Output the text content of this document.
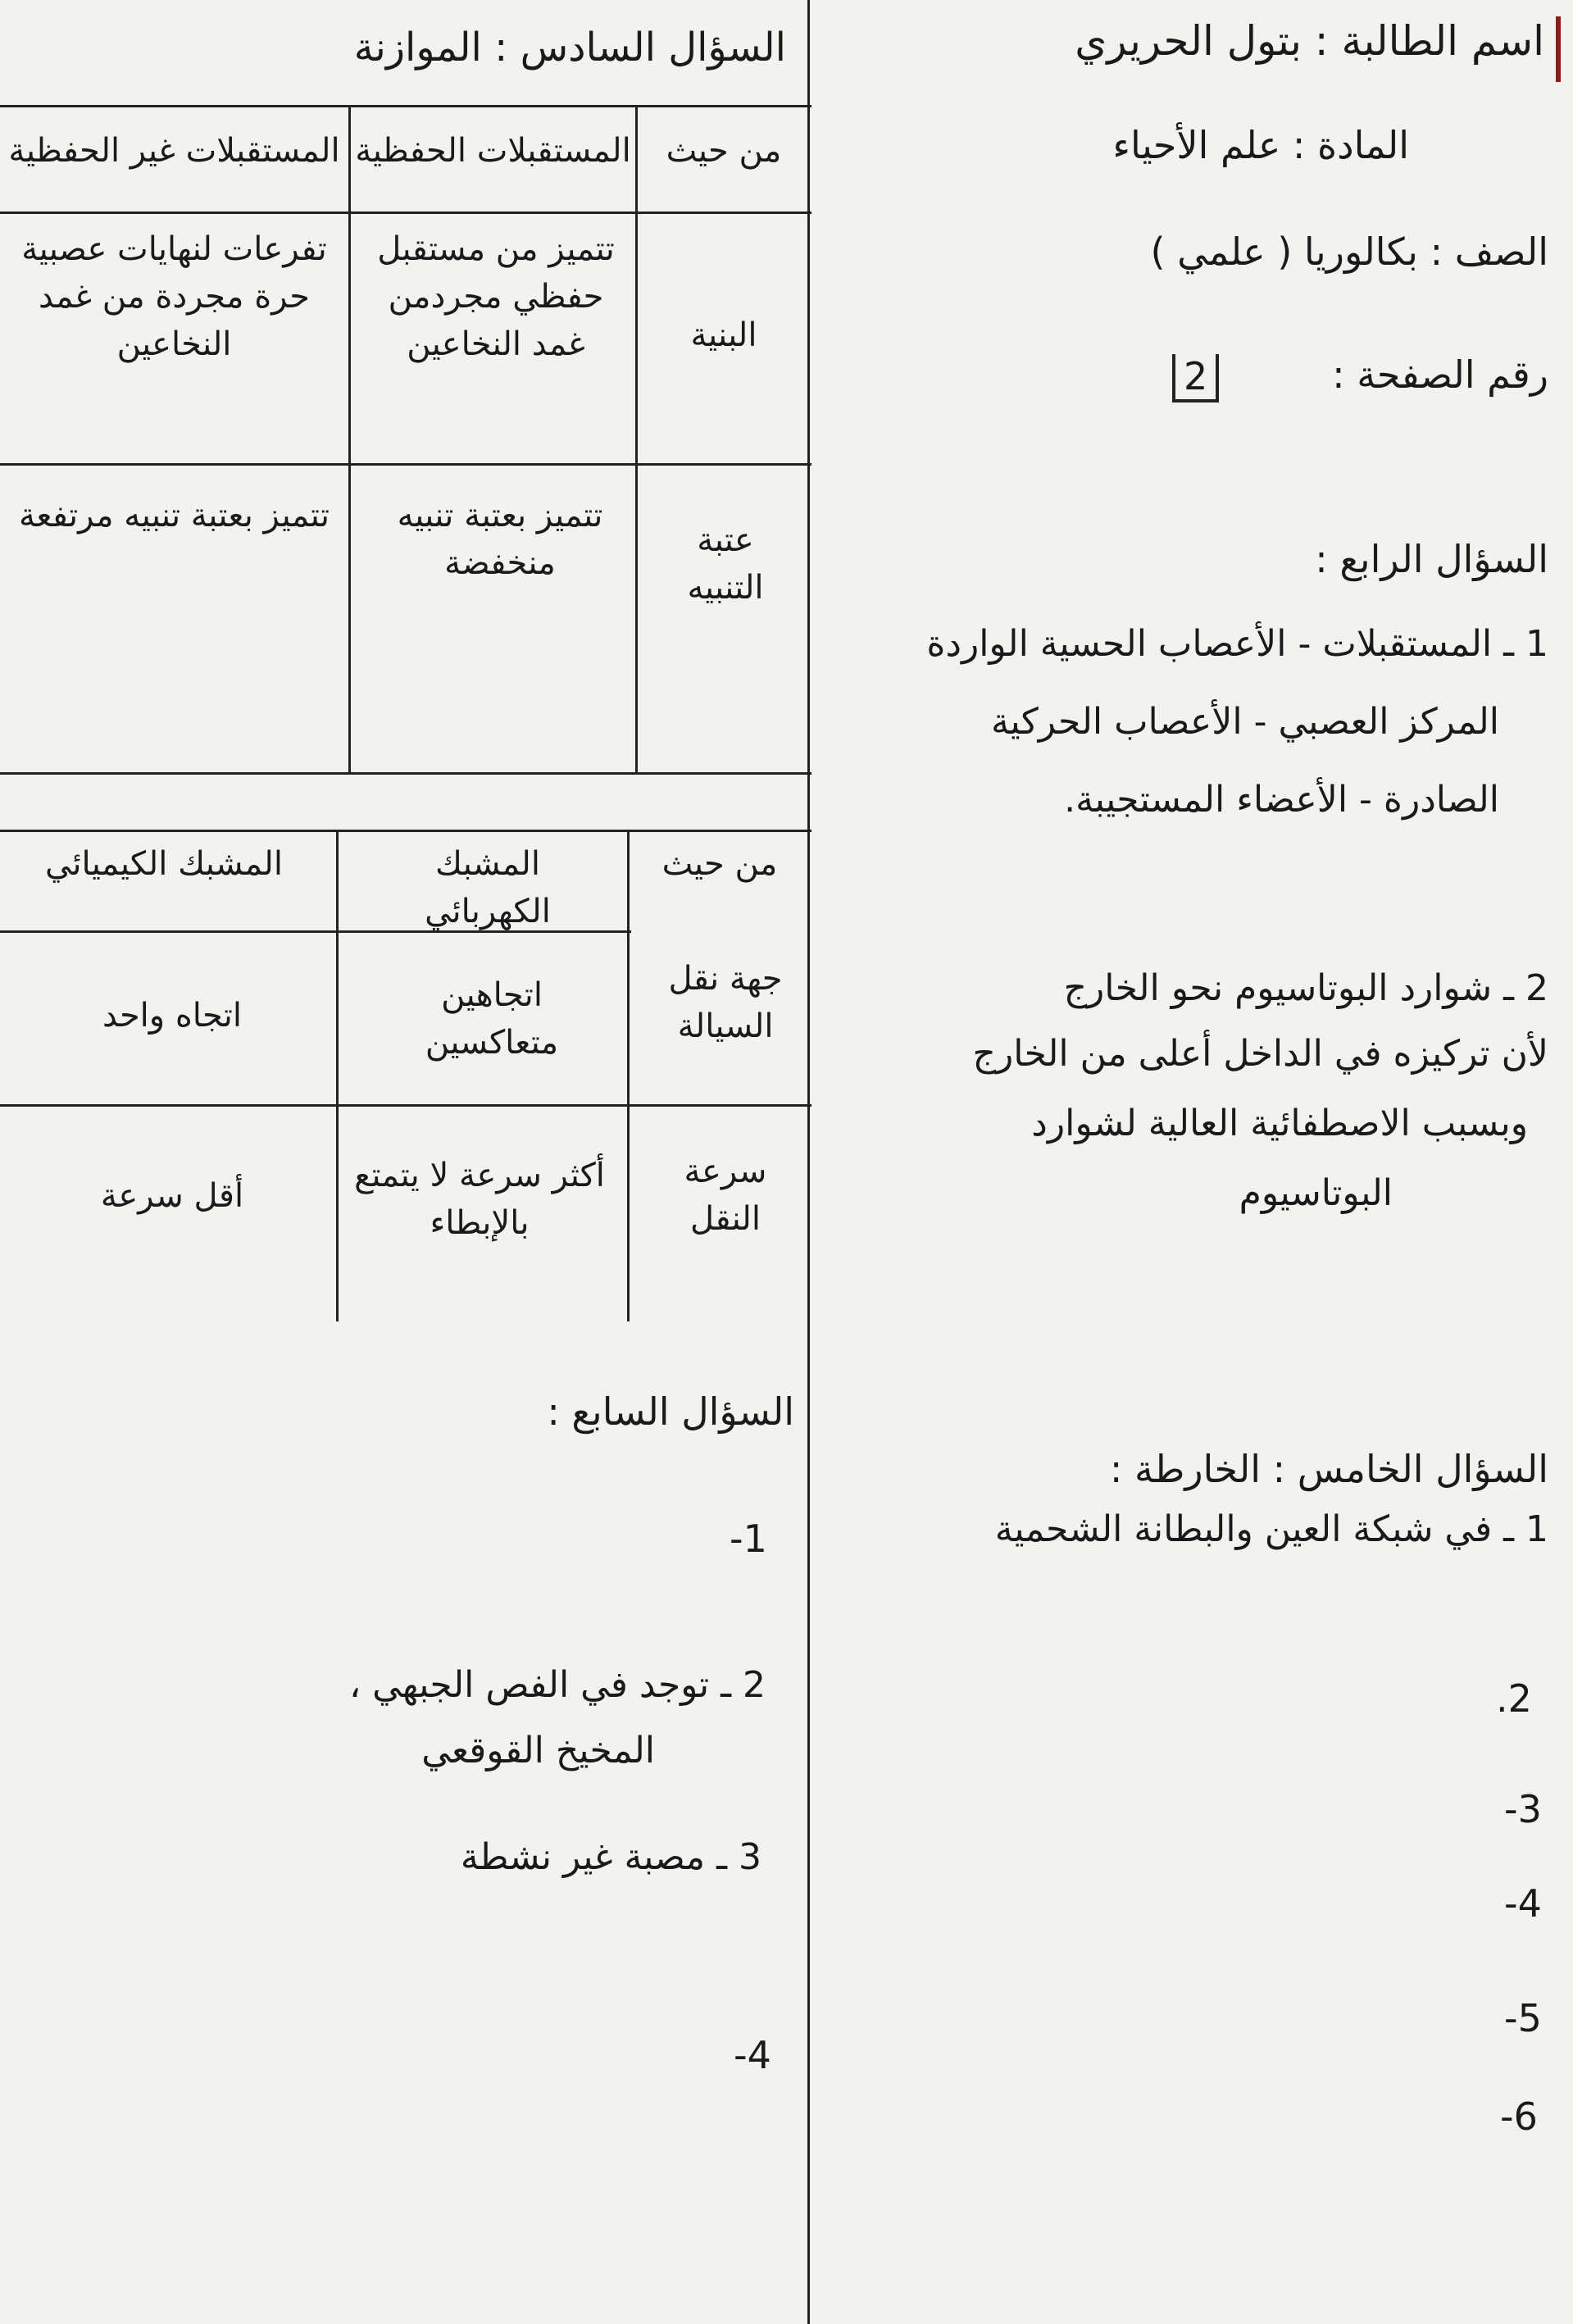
اسم الطالبة : بتول الحريري
المادة : علم الأحياء
الصف : بكالوريا ( علمي )
رقم الصفحة :
2
السؤال الرابع :
1 ـ المستقبلات - الأعصاب الحسية الواردة
المركز العصبي - الأعصاب الحركية
الصادرة - الأعضاء المستجيبة.
2 ـ شوارد البوتاسيوم نحو الخارج
لأن تركيزه في الداخل أعلى من الخارج
وبسبب الاصطفائية العالية لشوارد
البوتاسيوم
السؤال الخامس : الخارطة :
1 ـ في شبكة العين والبطانة الشحمية
.2
-3
-4
-5
-6
السؤال السادس : الموازنة
من حيث
المستقبلات الحفظية
المستقبلات غير الحفظية
البنية
تتميز من مستقبل حفظي مجردمن غمد النخاعين
تفرعات لنهايات عصبية حرة مجردة من غمد النخاعين
عتبة التنبيه
تتميز بعتبة تنبيه منخفضة
تتميز بعتبة تنبيه مرتفعة
من حيث
المشبك الكهربائي
المشبك الكيميائي
جهة نقل السيالة
اتجاهين متعاكسين
اتجاه واحد
سرعة النقل
أكثر سرعة لا يتمتع بالإبطاء
أقل سرعة
السؤال السابع :
-1
2 ـ توجد في الفص الجبهي ،
المخيخ القوقعي
3 ـ مصبة غير نشطة
-4
